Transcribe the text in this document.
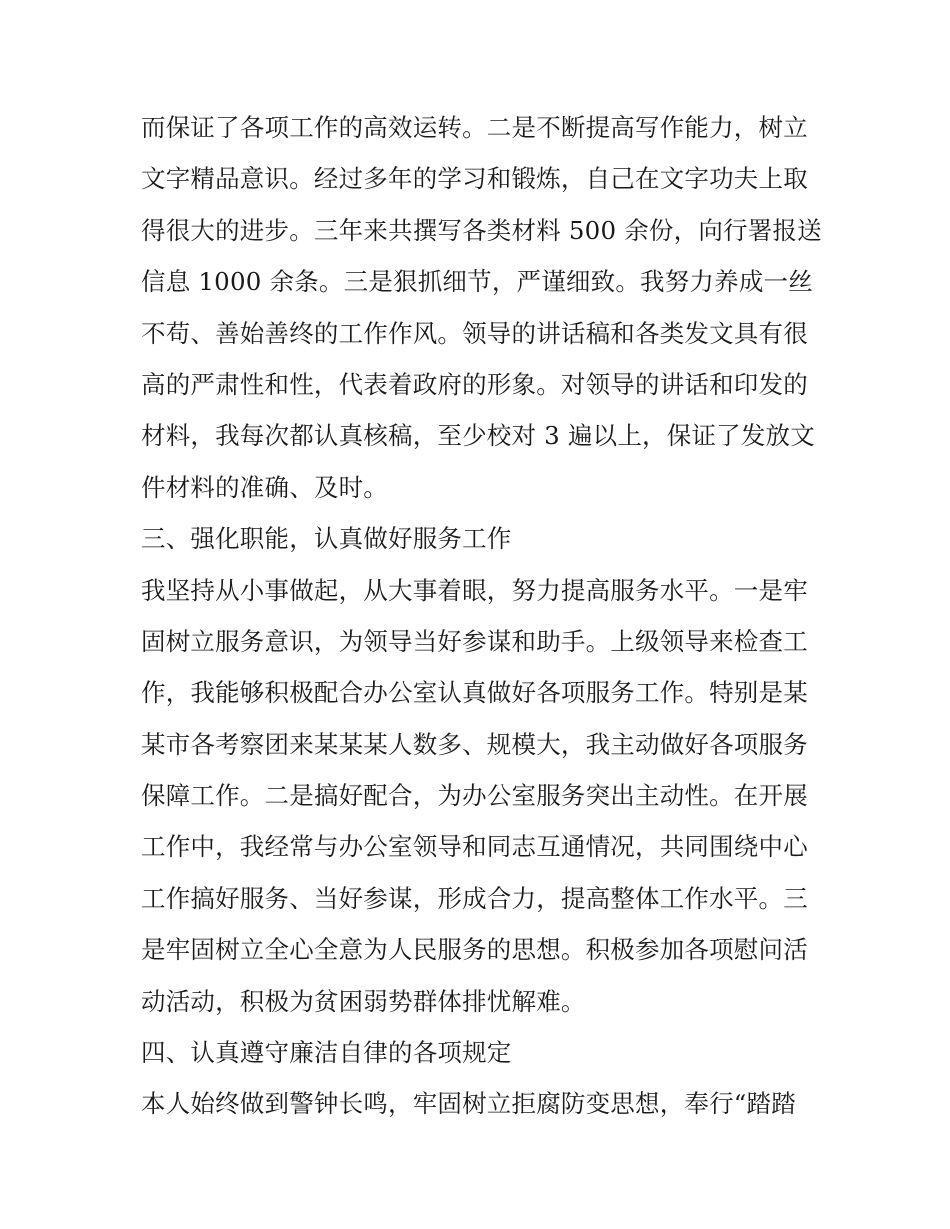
而保证了各项工作的高效运转。二是不断提高写作能力，树立
文字精品意识。经过多年的学习和锻炼，自己在文字功夫上取
得很大的进步。三年来共撰写各类材料 500 余份，向行署报送
信息 1000 余条。三是狠抓细节，严谨细致。我努力养成一丝
不苟、善始善终的工作作风。领导的讲话稿和各类发文具有很
高的严肃性和性，代表着政府的形象。对领导的讲话和印发的
材料，我每次都认真核稿，至少校对 3 遍以上，保证了发放文
件材料的准确、及时。
三、强化职能，认真做好服务工作
我坚持从小事做起，从大事着眼，努力提高服务水平。一是牢
固树立服务意识，为领导当好参谋和助手。上级领导来检查工
作，我能够积极配合办公室认真做好各项服务工作。特别是某
某市各考察团来某某某人数多、规模大，我主动做好各项服务
保障工作。二是搞好配合，为办公室服务突出主动性。在开展
工作中，我经常与办公室领导和同志互通情况，共同围绕中心
工作搞好服务、当好参谋，形成合力，提高整体工作水平。三
是牢固树立全心全意为人民服务的思想。积极参加各项慰问活
动活动，积极为贫困弱势群体排忧解难。
四、认真遵守廉洁自律的各项规定
本人始终做到警钟长鸣，牢固树立拒腐防变思想，奉行“踏踏
